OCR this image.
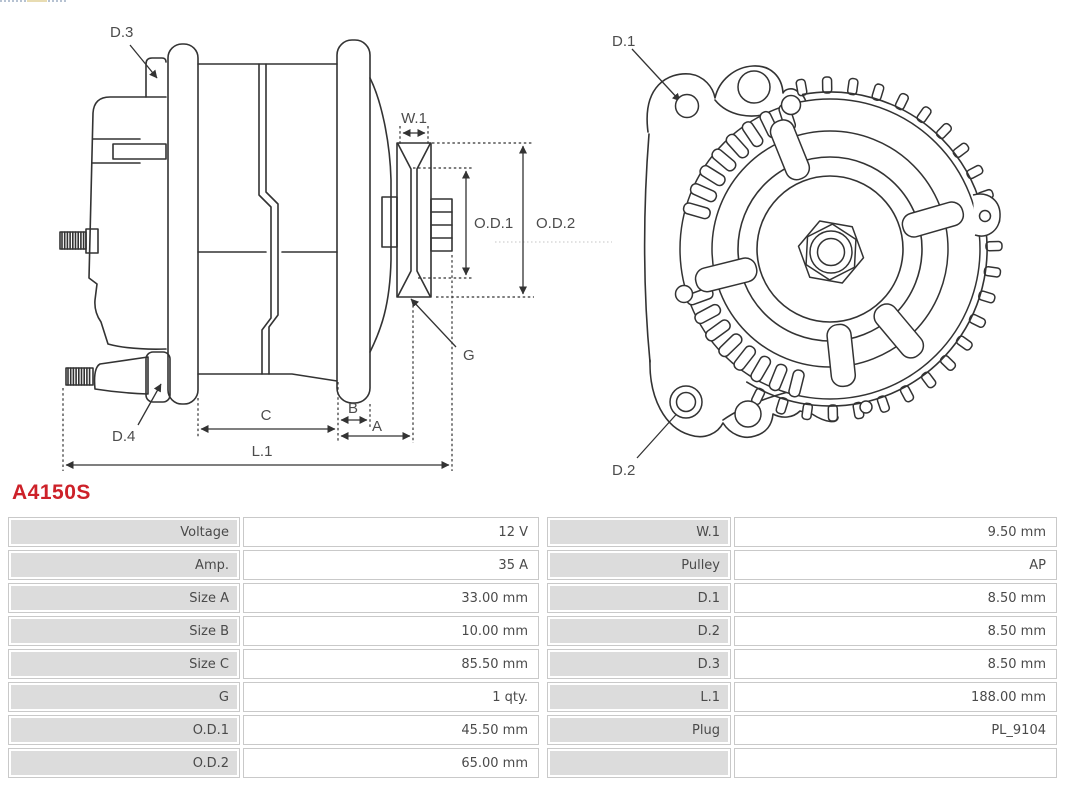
D.3
W.1
O.D.1 O.D.2
G
C	B
A
L.1
D.4
D.1
D.2
A4150S
Voltage	12 V
Amp.	35 A
Size A	33.00 mm
Size B	10.00 mm
Size C	85.50 mm
G	1 qty.
O.D.1	45.50 mm
O.D.2	65.00 mm
W.1	9.50 mm
Pulley	AP
D.1	8.50 mm
D.2	8.50 mm
D.3	8.50 mm
L.1	188.00 mm
Plug	PL_9104
